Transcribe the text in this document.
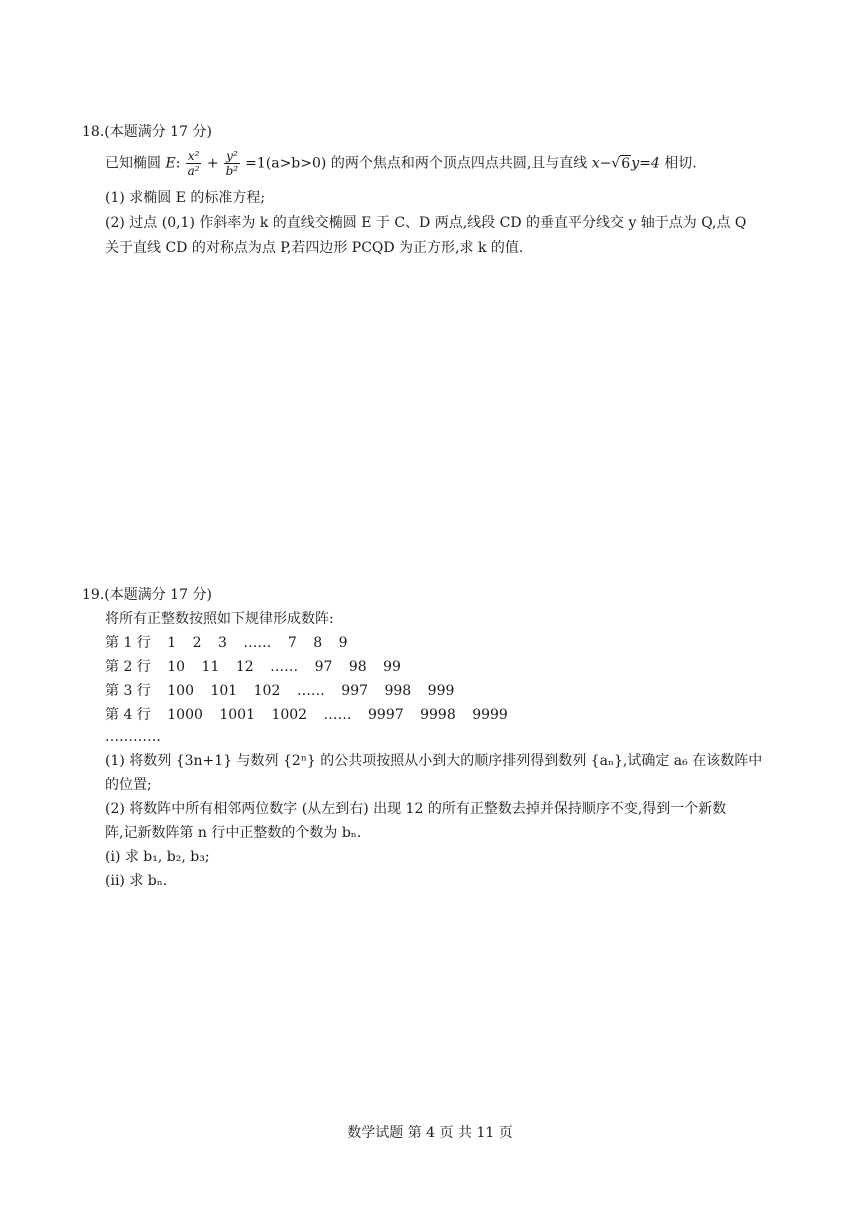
18.(本题满分 17 分)
已知椭圆 E: $\frac{\text{x²}}{\text{a²}} + \frac{\text{y²}}{\text{b²}} =1(a>b>0)$ 的两个焦点和两个顶点四点共圆,且与直线 x−√6y=4 相切.
(1) 求椭圆 E 的标准方程;
(2) 过点 (0,1) 作斜率为 k 的直线交椭圆 E 于 C、D 两点,线段 CD 的垂直平分线交 y 轴于点为 Q,点 Q
关于直线 CD 的对称点为点 P,若四边形 PCQD 为正方形,求 k 的值.
19.(本题满分 17 分)
将所有正整数按照如下规律形成数阵:
第 1 行 1 2 3 …… 7 8 9
第 2 行 10 11 12 …… 97 98 99
第 3 行 100 101 102 …… 997 998 999
第 4 行 1000 1001 1002 …… 9997 9998 9999
…………
(1) 将数列 {3n+1} 与数列 {2ⁿ} 的公共项按照从小到大的顺序排列得到数列 {aₙ},试确定 a₆ 在该数阵中
的位置;
(2) 将数阵中所有相邻两位数字 (从左到右) 出现 12 的所有正整数去掉并保持顺序不变,得到一个新数
阵,记新数阵第 n 行中正整数的个数为 bₙ.
(i) 求 b₁, b₂, b₃;
(ii) 求 bₙ.
数学试题 第 4 页 共 11 页
